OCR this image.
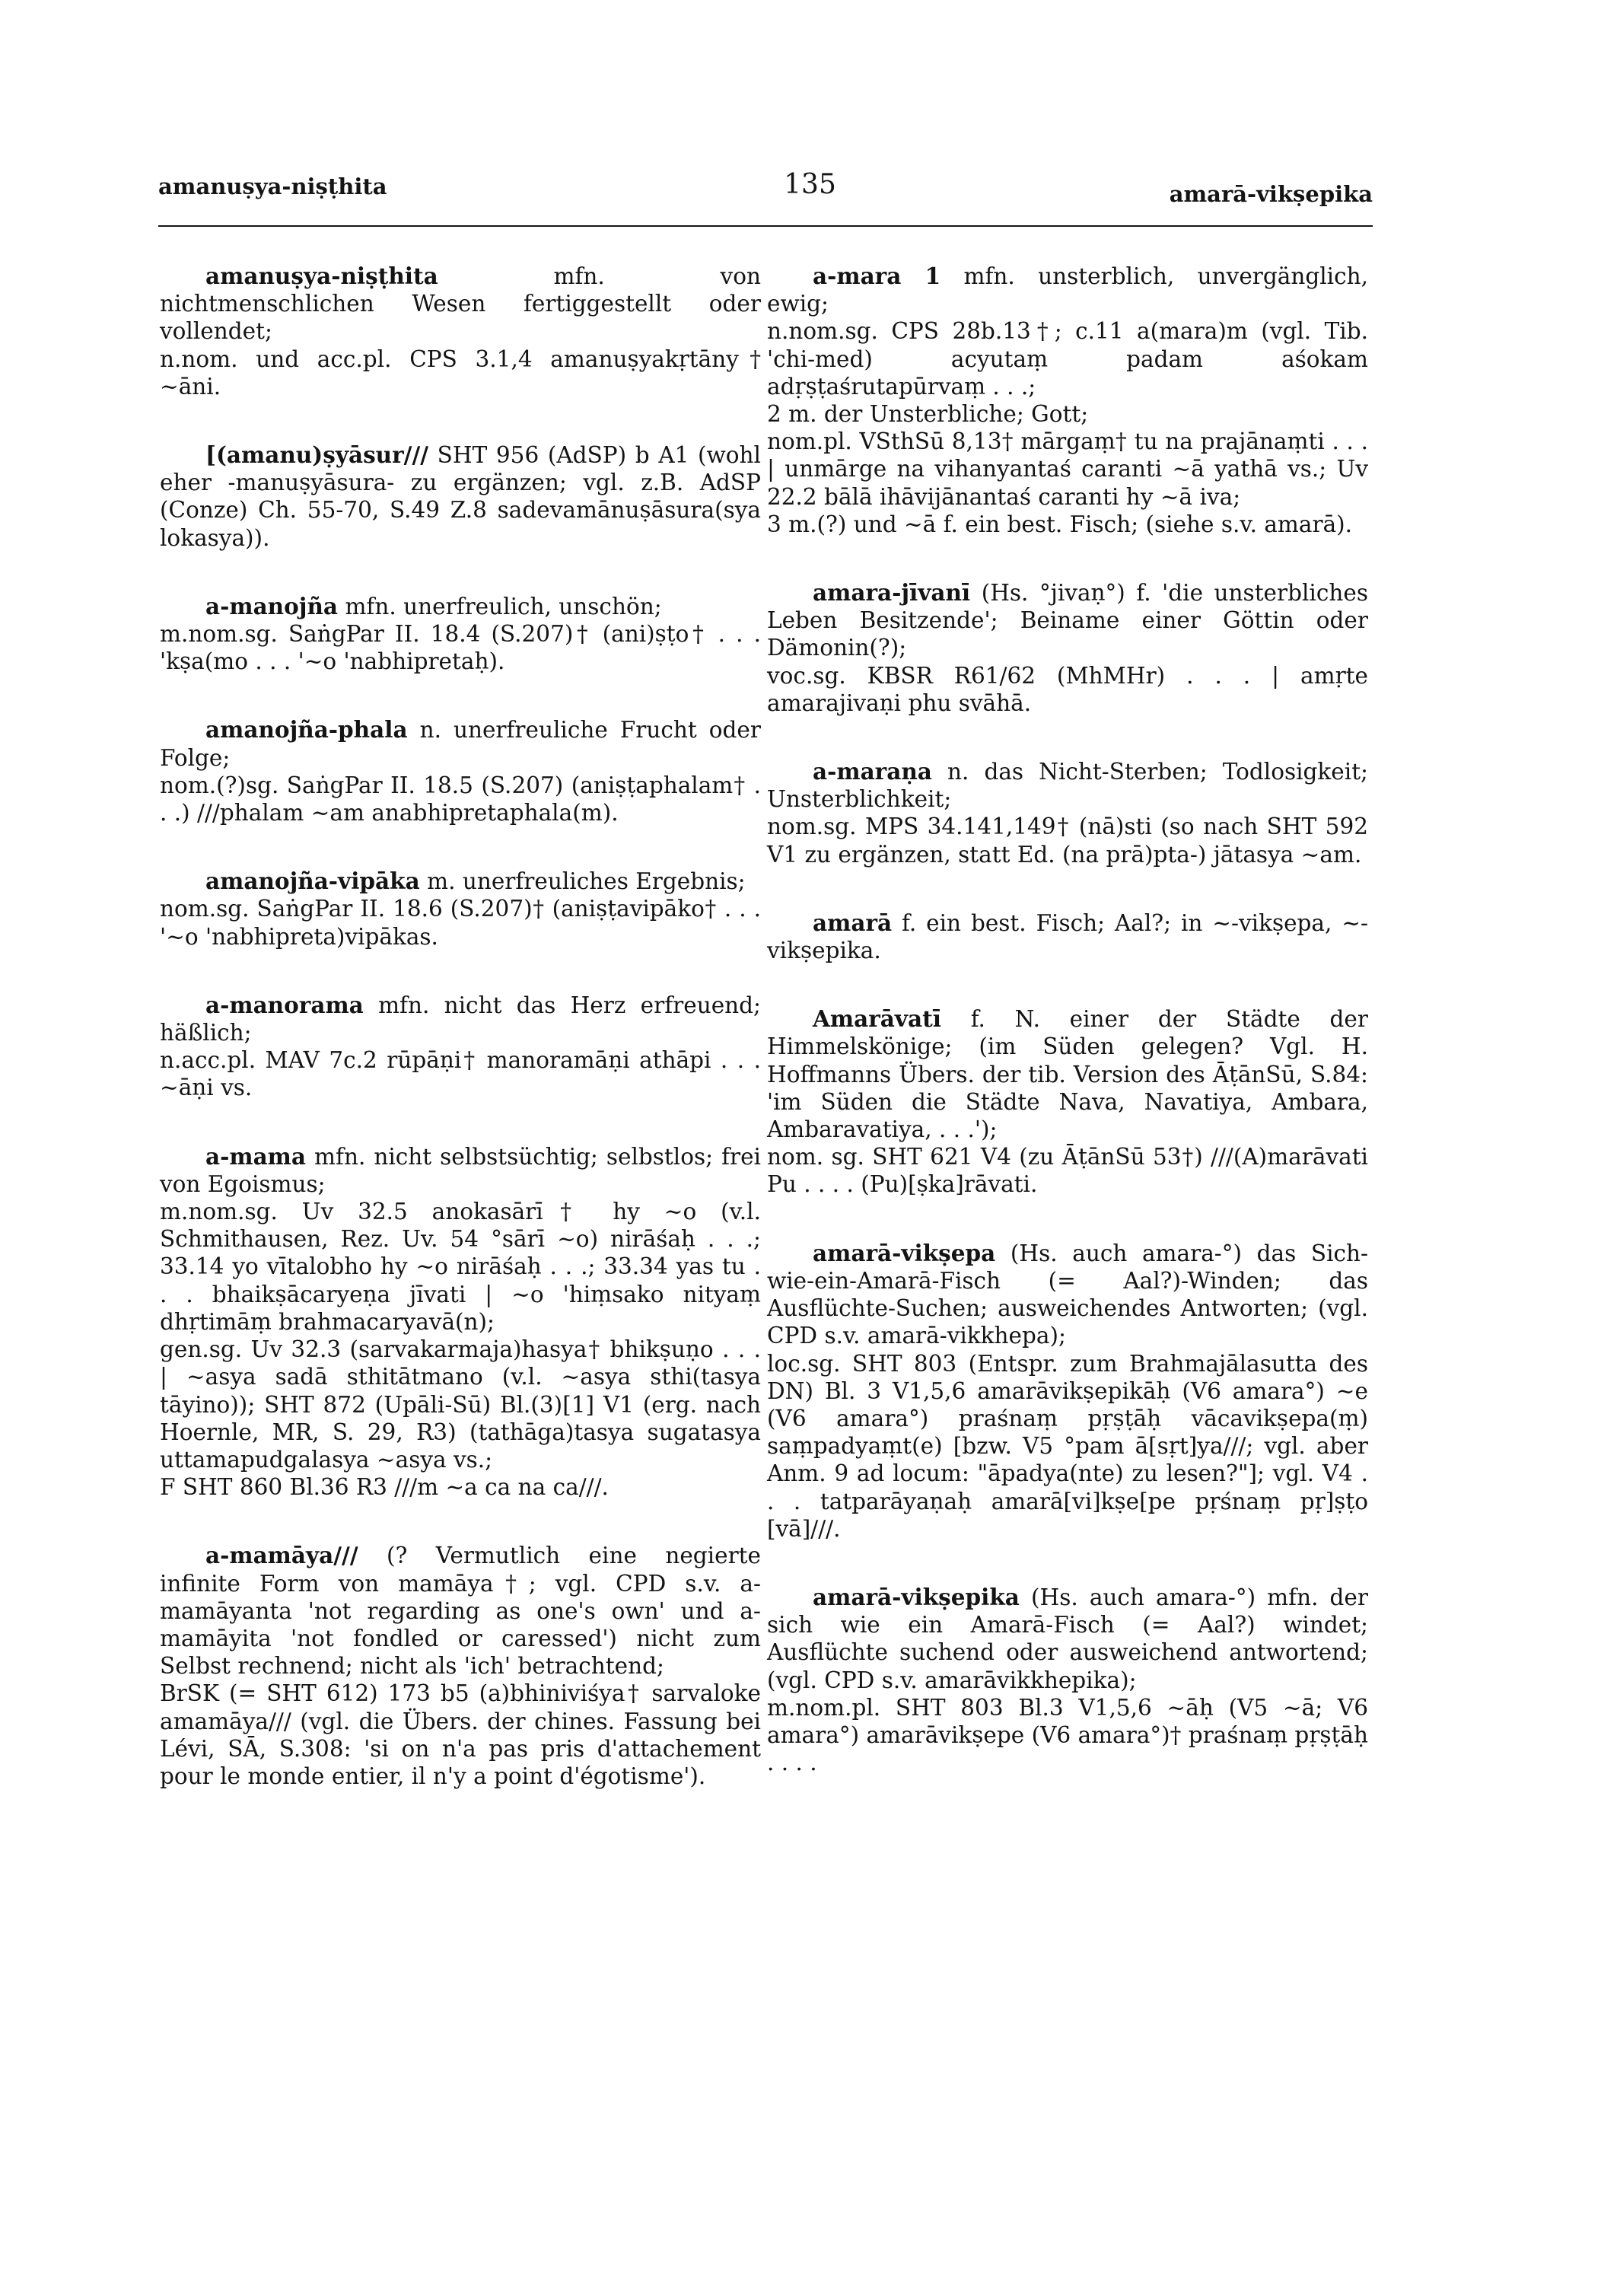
amanuṣya-niṣṭhita	135	amarā-vikṣepika
amanuṣya-niṣṭhita	mfn. von nichtmenschlichen Wesen fertiggestellt oder vollendet;
n.nom. und acc.pl. CPS 3.1,4 amanuṣyakṛtāny† ~āni.
[(amanu)ṣyāsur/// SHT 956 (AdSP) b A1 (wohl eher -manuṣyāsura- zu ergänzen; vgl. z.B. AdSP (Conze) Ch. 55-70, S.49 Z.8 sadevamānuṣāsura(sya lokasya)).
a-manojña mfn. unerfreulich, unschön;
m.nom.sg. SaṅgPar II. 18.4 (S.207)† (ani)ṣṭo† . . . 'kṣa(mo . . . '~o 'nabhipretaḥ).
amanojña-phala n. unerfreuliche Frucht oder Folge;
nom.(?)sg. SaṅgPar II. 18.5 (S.207) (aniṣṭaphalam† . . .) ///phalam ~am anabhipretaphala(m).
amanojña-vipāka m. unerfreuliches Ergebnis;
nom.sg. SaṅgPar II. 18.6 (S.207)† (aniṣṭavipāko† . . . '~o 'nabhipreta)vipākas.
a-manorama mfn. nicht das Herz erfreuend; häßlich;
n.acc.pl. MAV 7c.2 rūpāṇi† manoramāṇi athāpi . . . ~āṇi vs.
a-mama mfn. nicht selbstsüchtig; selbstlos; frei von Egoismus;
m.nom.sg. Uv 32.5 anokasārī† hy ~o (v.l. Schmithausen, Rez. Uv. 54 °sārī ~o) nirāśaḥ . . .; 33.14 yo vītalobho hy ~o nirāśaḥ . . .; 33.34 yas tu . . . bhaikṣācaryeṇa jīvati | ~o 'hiṃsako nityaṃ dhṛtimāṃ brahmacaryavā(n);
gen.sg. Uv 32.3 (sarvakarmaja)hasya† bhikṣuṇo . . . | ~asya sadā sthitātmano (v.l. ~asya sthi(tasya tāyino)); SHT 872 (Upāli-Sū) Bl.(3)[1] V1 (erg. nach Hoernle, MR, S. 29, R3) (tathāga)tasya sugatasya uttamapudgalasya ~asya vs.;
F SHT 860 Bl.36 R3 ///m ~a ca na ca///.
a-mamāya/// (? Vermutlich eine negierte infinite Form von mamāya†; vgl. CPD s.v. a-mamāyanta 'not regarding as one's own' und a-mamāyita 'not fondled or caressed') nicht zum Selbst rechnend; nicht als 'ich' betrachtend;
BrSK (= SHT 612) 173 b5 (a)bhiniviśya† sarvaloke amamāya/// (vgl. die Übers. der chines. Fassung bei Lévi, SĀ, S.308: 'si on n'a pas pris d'attachement pour le monde entier, il n'y a point d'égotisme').
a-mara 1 mfn. unsterblich, unvergänglich, ewig;
n.nom.sg. CPS 28b.13†; c.11 a(mara)m (vgl. Tib. 'chi-med) acyutaṃ padam aśokam adṛṣṭaśrutapūrvaṃ . . .;
2 m. der Unsterbliche; Gott;
nom.pl. VSthSū 8,13† mārgaṃ† tu na prajānaṃti . . . | unmārge na vihanyantaś caranti ~ā yathā vs.; Uv 22.2 bālā ihāvijānantaś caranti hy ~ā iva;
3 m.(?) und ~ā f. ein best. Fisch; (siehe s.v. amarā).
amara-jīvanī (Hs. °jivaṇ°) f. 'die unsterbliches Leben Besitzende'; Beiname einer Göttin oder Dämonin(?);
voc.sg. KBSR R61/62 (MhMHr) . . . | amṛte amarajivaṇi phu svāhā.
a-maraṇa n. das Nicht-Sterben; Todlosigkeit; Unsterblichkeit;
nom.sg. MPS 34.141,149† (nā)sti (so nach SHT 592 V1 zu ergänzen, statt Ed. (na prā)pta-) jātasya ~am.
amarā f. ein best. Fisch; Aal?; in ~-vikṣepa, ~-vikṣepika.
Amarāvatī f. N. einer der Städte der Himmelskönige; (im Süden gelegen? Vgl. H. Hoffmanns Übers. der tib. Version des ĀṭānSū, S.84: 'im Süden die Städte Nava, Navatiya, Ambara, Ambaravatiya, . . .');
nom. sg. SHT 621 V4 (zu ĀṭānSū 53†) ///(A)marāvati Pu . . . . (Pu)[ṣka]rāvati.
amarā-vikṣepa (Hs. auch amara-°) das Sich-wie-ein-Amarā-Fisch (= Aal?)-Winden; das Ausflüchte-Suchen; ausweichendes Antworten; (vgl. CPD s.v. amarā-vikkhepa);
loc.sg. SHT 803 (Entspr. zum Brahmajālasutta des DN) Bl. 3 V1,5,6 amarāvikṣepikāḥ (V6 amara°) ~e (V6 amara°) praśnaṃ pṛṣṭāḥ vācavikṣepa(ṃ) saṃpadyaṃt(e) [bzw. V5 °pam ā[sṛt]ya///; vgl. aber Anm. 9 ad locum: "āpadya(nte) zu lesen?"]; vgl. V4 . . . tatparāyaṇaḥ amarā[vi]kṣe[pe pṛśnaṃ pṛ]ṣṭo [vā]///.
amarā-vikṣepika (Hs. auch amara-°) mfn. der sich wie ein Amarā-Fisch (= Aal?) windet; Ausflüchte suchend oder ausweichend antwortend; (vgl. CPD s.v. amarāvikkhepika);
m.nom.pl. SHT 803 Bl.3 V1,5,6 ~āḥ (V5 ~ā; V6 amara°) amarāvikṣepe (V6 amara°)† praśnaṃ pṛṣṭāḥ . . . .
